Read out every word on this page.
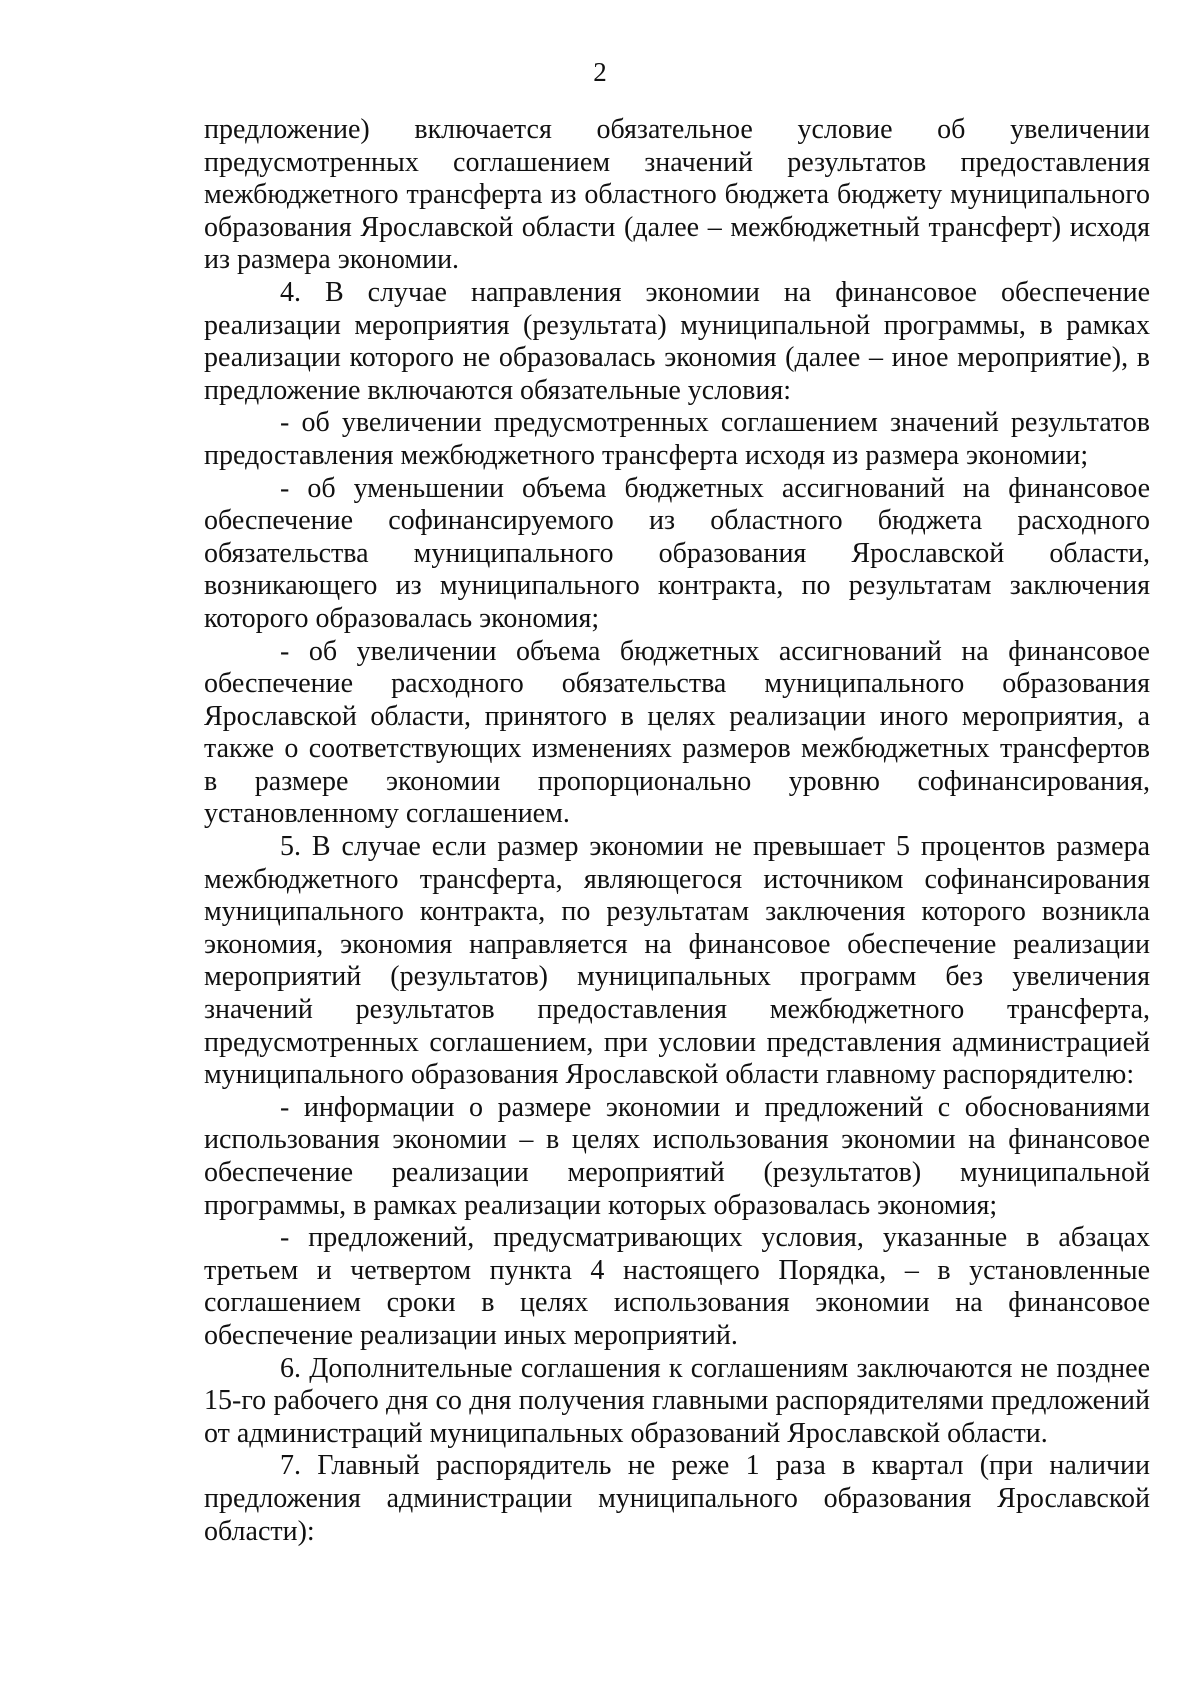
2

предложение) включается обязательное условие об увеличении предусмотренных соглашением значений результатов предоставления межбюджетного трансферта из областного бюджета бюджету муниципального образования Ярославской области (далее – межбюджетный трансферт) исходя из размера экономии.

4. В случае направления экономии на финансовое обеспечение реализации мероприятия (результата) муниципальной программы, в рамках реализации которого не образовалась экономия (далее – иное мероприятие), в предложение включаются обязательные условия:

- об увеличении предусмотренных соглашением значений результатов предоставления межбюджетного трансферта исходя из размера экономии;

- об уменьшении объема бюджетных ассигнований на финансовое обеспечение софинансируемого из областного бюджета расходного обязательства муниципального образования Ярославской области, возникающего из муниципального контракта, по результатам заключения которого образовалась экономия;

- об увеличении объема бюджетных ассигнований на финансовое обеспечение расходного обязательства муниципального образования Ярославской области, принятого в целях реализации иного мероприятия, а также о соответствующих изменениях размеров межбюджетных трансфертов в размере экономии пропорционально уровню софинансирования, установленному соглашением.

5. В случае если размер экономии не превышает 5 процентов размера межбюджетного трансферта, являющегося источником софинансирования муниципального контракта, по результатам заключения которого возникла экономия, экономия направляется на финансовое обеспечение реализации мероприятий (результатов) муниципальных программ без увеличения значений результатов предоставления межбюджетного трансферта, предусмотренных соглашением, при условии представления администрацией муниципального образования Ярославской области главному распорядителю:

- информации о размере экономии и предложений с обоснованиями использования экономии – в целях использования экономии на финансовое обеспечение реализации мероприятий (результатов) муниципальной программы, в рамках реализации которых образовалась экономия;

- предложений, предусматривающих условия, указанные в абзацах третьем и четвертом пункта 4 настоящего Порядка, – в установленные соглашением сроки в целях использования экономии на финансовое обеспечение реализации иных мероприятий.

6. Дополнительные соглашения к соглашениям заключаются не позднее 15-го рабочего дня со дня получения главными распорядителями предложений от администраций муниципальных образований Ярославской области.

7. Главный распорядитель не реже 1 раза в квартал (при наличии предложения администрации муниципального образования Ярославской области):
